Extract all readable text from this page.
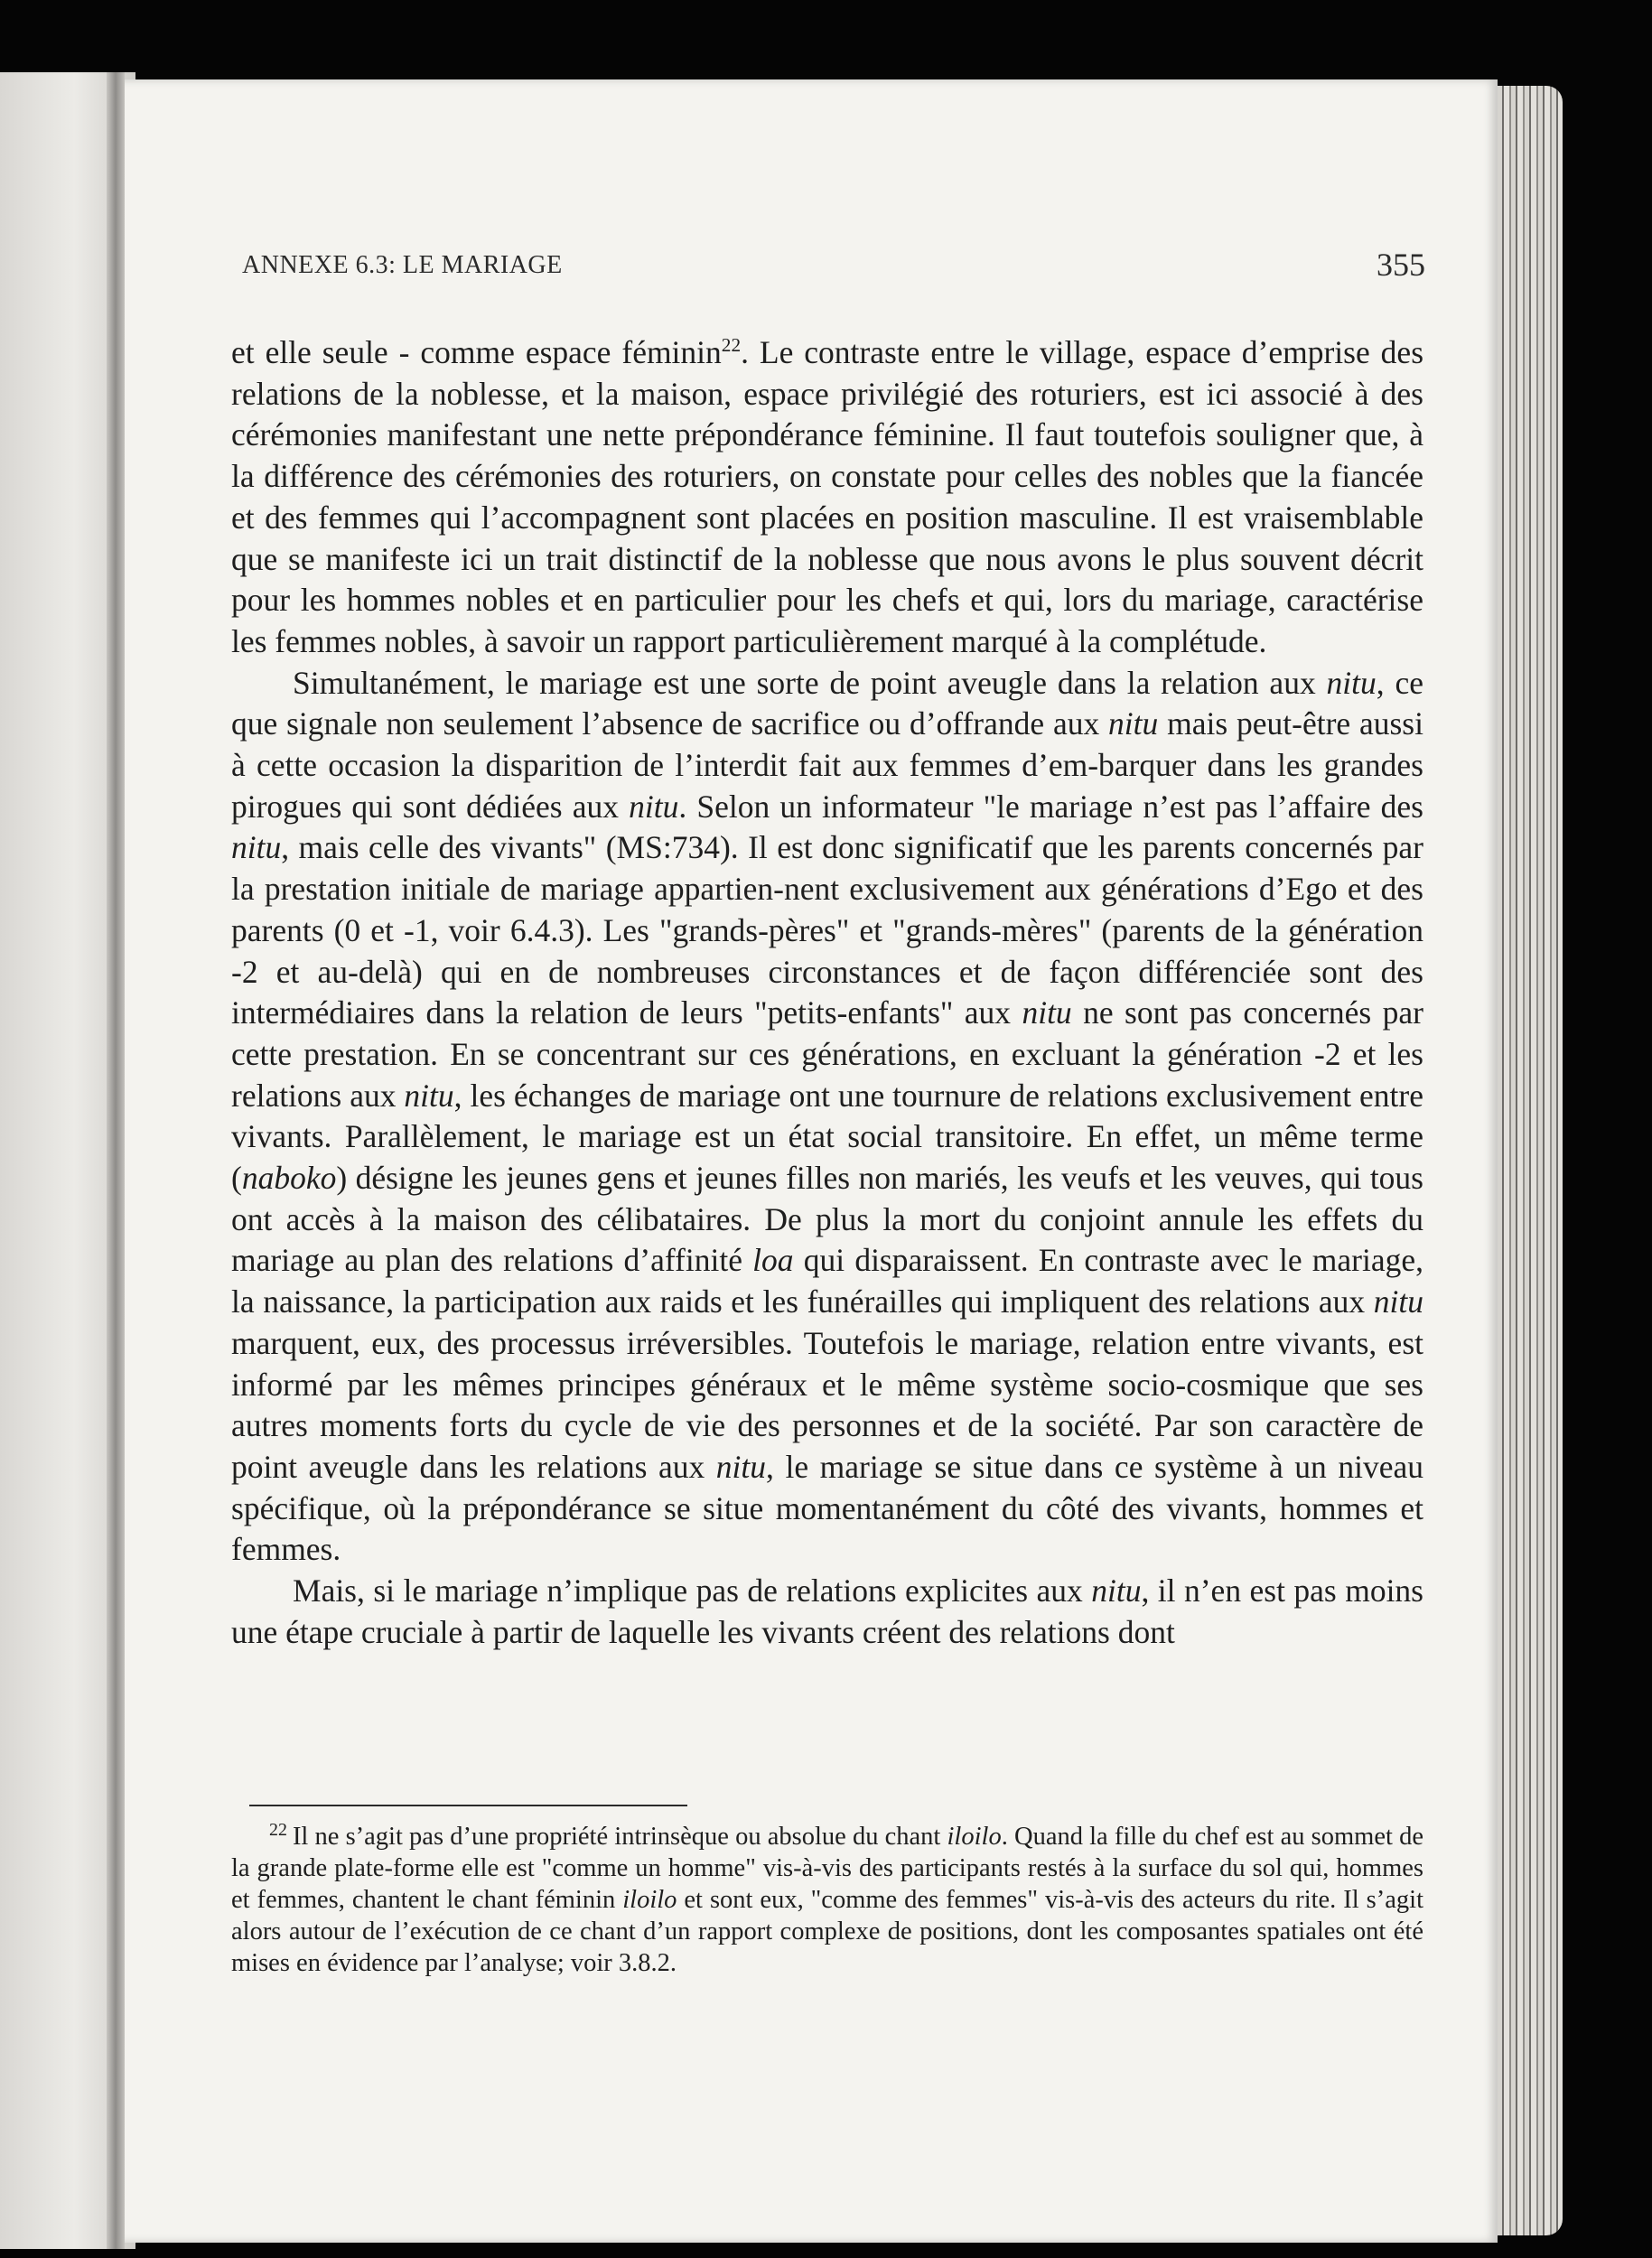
ANNEXE 6.3: LE MARIAGE	355

et elle seule - comme espace féminin$^{22}$. Le contraste entre le village, espace d’emprise des relations de la noblesse, et la maison, espace privilégié des roturiers, est ici associé à des cérémonies manifestant une nette prépondérance féminine. Il faut toutefois souligner que, à la différence des cérémonies des roturiers, on constate pour celles des nobles que la fiancée et des femmes qui l’accompagnent sont placées en position masculine. Il est vraisemblable que se manifeste ici un trait distinctif de la noblesse que nous avons le plus souvent décrit pour les hommes nobles et en particulier pour les chefs et qui, lors du mariage, caractérise les femmes nobles, à savoir un rapport particulièrement marqué à la complétude.

Simultanément, le mariage est une sorte de point aveugle dans la relation aux nitu, ce que signale non seulement l’absence de sacrifice ou d’offrande aux nitu mais peut-être aussi à cette occasion la disparition de l’interdit fait aux femmes d’em-barquer dans les grandes pirogues qui sont dédiées aux nitu. Selon un informateur "le mariage n’est pas l’affaire des nitu, mais celle des vivants" (MS:734). Il est donc significatif que les parents concernés par la prestation initiale de mariage appartien-nent exclusivement aux générations d’Ego et des parents (0 et -1, voir 6.4.3). Les "grands-pères" et "grands-mères" (parents de la génération -2 et au-delà) qui en de nombreuses circonstances et de façon différenciée sont des intermédiaires dans la relation de leurs "petits-enfants" aux nitu ne sont pas concernés par cette prestation. En se concentrant sur ces générations, en excluant la génération -2 et les relations aux nitu, les échanges de mariage ont une tournure de relations exclusivement entre vivants. Parallèlement, le mariage est un état social transitoire. En effet, un même terme (naboko) désigne les jeunes gens et jeunes filles non mariés, les veufs et les veuves, qui tous ont accès à la maison des célibataires. De plus la mort du conjoint annule les effets du mariage au plan des relations d’affinité loa qui disparaissent. En contraste avec le mariage, la naissance, la participation aux raids et les funérailles qui impliquent des relations aux nitu marquent, eux, des processus irréversibles. Toutefois le mariage, relation entre vivants, est informé par les mêmes principes généraux et le même système socio-cosmique que ses autres moments forts du cycle de vie des personnes et de la société. Par son caractère de point aveugle dans les relations aux nitu, le mariage se situe dans ce système à un niveau spécifique, où la prépondérance se situe momentanément du côté des vivants, hommes et femmes.

Mais, si le mariage n’implique pas de relations explicites aux nitu, il n’en est pas moins une étape cruciale à partir de laquelle les vivants créent des relations dont

$^{22}$ Il ne s’agit pas d’une propriété intrinsèque ou absolue du chant iloilo. Quand la fille du chef est au sommet de la grande plate-forme elle est "comme un homme" vis-à-vis des participants restés à la surface du sol qui, hommes et femmes, chantent le chant féminin iloilo et sont eux, "comme des femmes" vis-à-vis des acteurs du rite. Il s’agit alors autour de l’exécution de ce chant d’un rapport complexe de positions, dont les composantes spatiales ont été mises en évidence par l’analyse; voir 3.8.2.
